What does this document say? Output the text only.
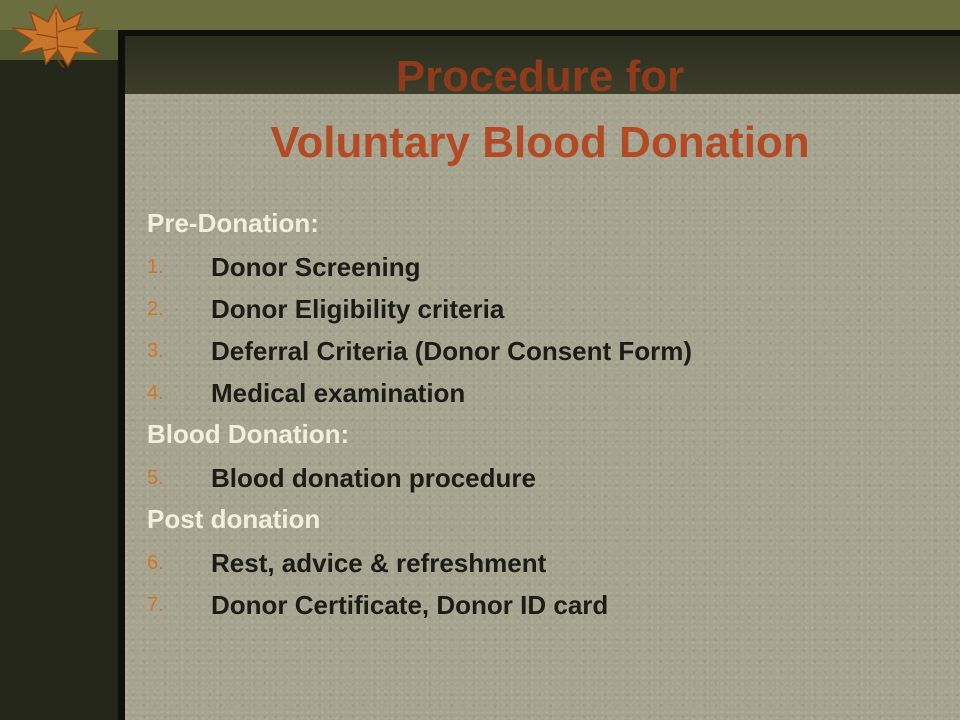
Procedure for
Voluntary Blood Donation
Pre-Donation:
1.	Donor Screening
2.	Donor Eligibility criteria
3.	Deferral Criteria (Donor Consent Form)
4.	Medical examination
Blood Donation:
5.	Blood donation procedure
Post donation
6.	Rest, advice & refreshment
7.	Donor Certificate, Donor ID card
